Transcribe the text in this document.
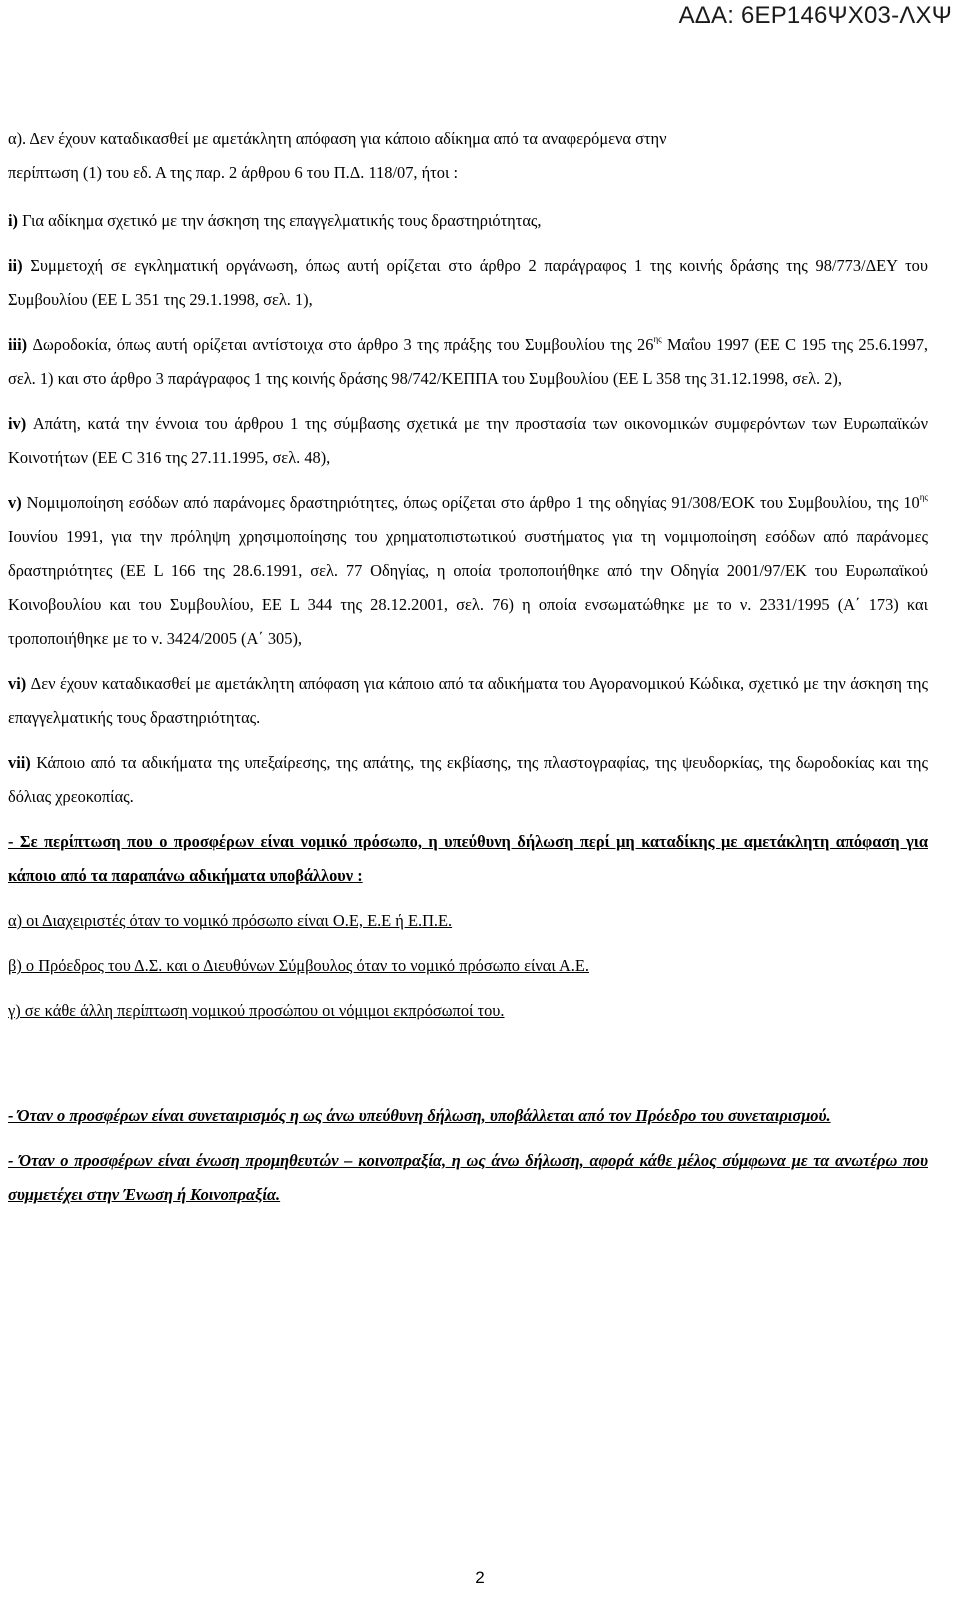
ΑΔΑ: 6ΕΡ146ΨΧ03-ΛΧΨ

α). Δεν έχουν καταδικασθεί με αμετάκλητη απόφαση για κάποιο αδίκημα από τα αναφερόμενα στην
περίπτωση (1) του εδ. Α της παρ. 2 άρθρου 6 του Π.Δ. 118/07, ήτοι :

i) Για αδίκημα σχετικό με την άσκηση της επαγγελματικής τους δραστηριότητας,

ii) Συμμετοχή σε εγκληματική οργάνωση, όπως αυτή ορίζεται στο άρθρο 2 παράγραφος 1 της κοινής δράσης της 98/773/ΔΕΥ του Συμβουλίου (ΕΕ L 351 της 29.1.1998, σελ. 1),

iii) Δωροδοκία, όπως αυτή ορίζεται αντίστοιχα στο άρθρο 3 της πράξης του Συμβουλίου της $26^{\eta\varsigma}$ Μαΐου 1997 (ΕΕ C 195 της 25.6.1997, σελ. 1) και στο άρθρο 3 παράγραφος 1 της κοινής δράσης 98/742/ΚΕΠΠΑ του Συμβουλίου (ΕΕ L 358 της 31.12.1998, σελ. 2),

iv) Απάτη, κατά την έννοια του άρθρου 1 της σύμβασης σχετικά με την προστασία των οικονομικών συμφερόντων των Ευρωπαϊκών Κοινοτήτων (ΕΕ C 316 της 27.11.1995, σελ. 48),

v) Νομιμοποίηση εσόδων από παράνομες δραστηριότητες, όπως ορίζεται στο άρθρο 1 της οδηγίας 91/308/ΕΟΚ του Συμβουλίου, της $10^{\eta\varsigma}$ Ιουνίου 1991, για την πρόληψη χρησιμοποίησης του χρηματοπιστωτικού συστήματος για τη νομιμοποίηση εσόδων από παράνομες δραστηριότητες (ΕΕ L 166 της 28.6.1991, σελ. 77 Οδηγίας, η οποία τροποποιήθηκε από την Οδηγία 2001/97/ΕΚ του Ευρωπαϊκού Κοινοβουλίου και του Συμβουλίου, ΕΕ L 344 της 28.12.2001, σελ. 76) η οποία ενσωματώθηκε με το ν. 2331/1995 (Α΄ 173) και τροποποιήθηκε με το ν. 3424/2005 (Α΄ 305),

vi) Δεν έχουν καταδικασθεί με αμετάκλητη απόφαση για κάποιο από τα αδικήματα του Αγορανομικού Κώδικα, σχετικό με την άσκηση της επαγγελματικής τους δραστηριότητας.

vii) Κάποιο από τα αδικήματα της υπεξαίρεσης, της απάτης, της εκβίασης, της πλαστογραφίας, της ψευδορκίας, της δωροδοκίας και της δόλιας χρεοκοπίας.

- Σε περίπτωση που ο προσφέρων είναι νομικό πρόσωπο, η υπεύθυνη δήλωση περί μη καταδίκης με αμετάκλητη απόφαση για κάποιο από τα παραπάνω αδικήματα υποβάλλουν :

α) οι Διαχειριστές όταν το νομικό πρόσωπο είναι Ο.Ε, Ε.Ε ή Ε.Π.Ε.

β) ο Πρόεδρος του Δ.Σ. και ο Διευθύνων Σύμβουλος όταν το νομικό πρόσωπο είναι Α.Ε.

γ) σε κάθε άλλη περίπτωση νομικού προσώπου οι νόμιμοι εκπρόσωποί του.

- Όταν ο προσφέρων είναι συνεταιρισμός η ως άνω υπεύθυνη δήλωση, υποβάλλεται από τον Πρόεδρο του συνεταιρισμού.

- Όταν ο προσφέρων είναι ένωση προμηθευτών – κοινοπραξία, η ως άνω δήλωση, αφορά κάθε μέλος σύμφωνα με τα ανωτέρω που συμμετέχει στην Ένωση ή Κοινοπραξία.

2
